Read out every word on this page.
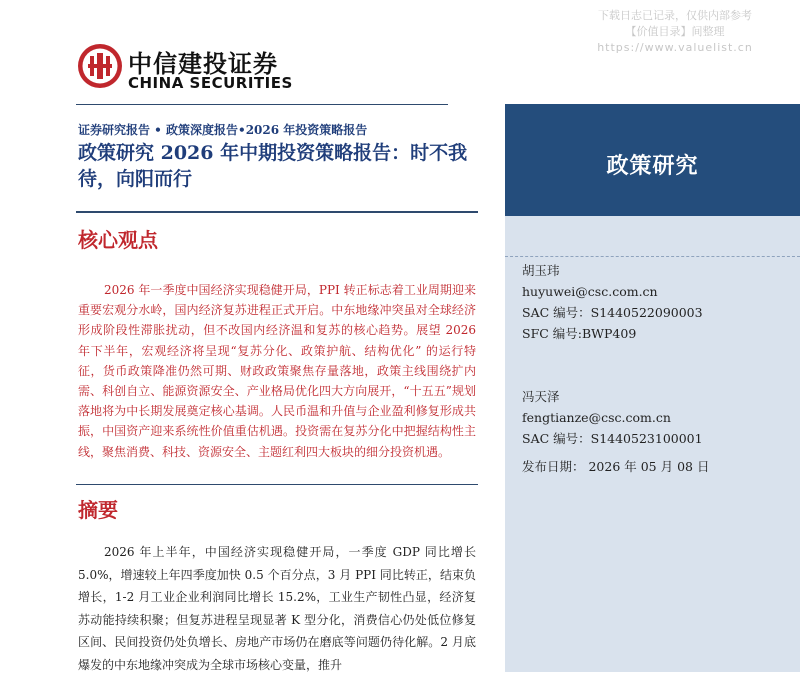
下载日志已记录，仅供内部参考
【价值目录】间整理
https://www.valuelist.cn
中信建投证券
CHINA SECURITIES
证券研究报告 • 政策深度报告•2026 年投资策略报告
政策研究 2026 年中期投资策略报告：时不我待，向阳而行
核心观点

2026 年一季度中国经济实现稳健开局，PPI 转正标志着工业周期迎来重要宏观分水岭，国内经济复苏进程正式开启。中东地缘冲突虽对全球经济形成阶段性滞胀扰动，但不改国内经济温和复苏的核心趋势。展望 2026 年下半年，宏观经济将呈现“复苏分化、政策护航、结构优化” 的运行特征，货币政策降准仍然可期、财政政策聚焦存量落地，政策主线围绕扩内需、科创自立、能源资源安全、产业格局优化四大方向展开，“十五五”规划落地将为中长期发展奠定核心基调。人民币温和升值与企业盈利修复形成共振，中国资产迎来系统性价值重估机遇。投资需在复苏分化中把握结构性主线，聚焦消费、科技、资源安全、主题红利四大板块的细分投资机遇。

摘要

2026 年上半年，中国经济实现稳健开局，一季度 GDP 同比增长 5.0%，增速较上年四季度加快 0.5 个百分点，3 月 PPI 同比转正，结束负增长，1-2 月工业企业利润同比增长 15.2%，工业生产韧性凸显，经济复苏动能持续积聚；但复苏进程呈现显著 K 型分化，消费信心仍处低位修复区间、民间投资仍处负增长、房地产市场仍在磨底等问题仍待化解。2 月底爆发的中东地缘冲突成为全球市场核心变量，推升

政策研究
胡玉玮
huyuwei@csc.com.cn
SAC 编号：S1440522090003
SFC 编号:BWP409
冯天泽
fengtianze@csc.com.cn
SAC 编号：S1440523100001
发布日期： 2026 年 05 月 08 日
